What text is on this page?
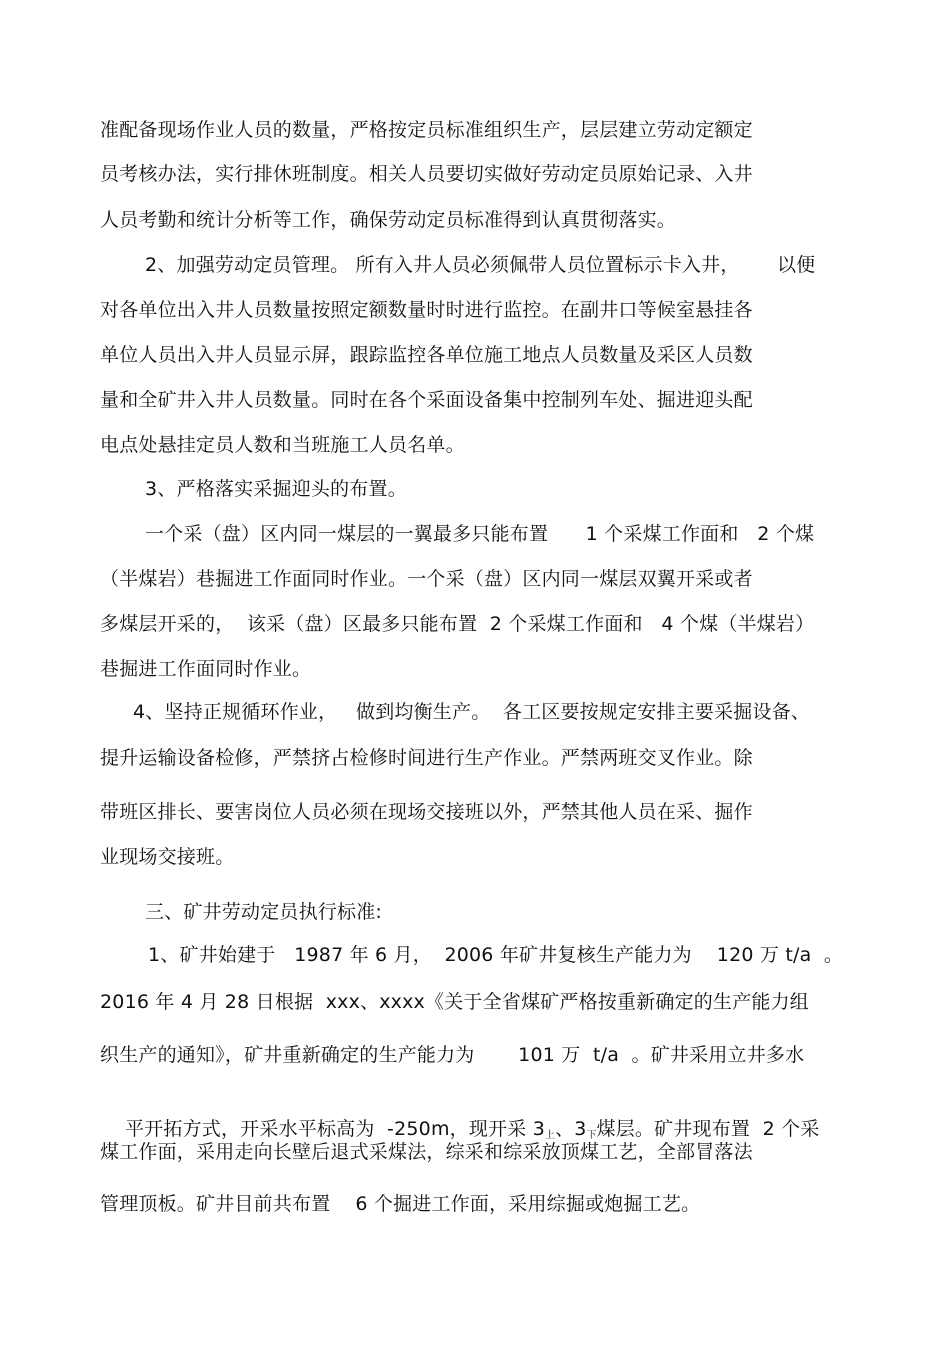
准配备现场作业人员的数量，严格按定员标准组织生产，层层建立劳动定额定
员考核办法，实行排休班制度。相关人员要切实做好劳动定员原始记录、入井
人员考勤和统计分析等工作，确保劳动定员标准得到认真贯彻落实。
2、加强劳动定员管理。 所有入井人员必须佩带人员位置标示卡入井，      以便
对各单位出入井人员数量按照定额数量时时进行监控。在副井口等候室悬挂各
单位人员出入井人员显示屏，跟踪监控各单位施工地点人员数量及采区人员数
量和全矿井入井人员数量。同时在各个采面设备集中控制列车处、掘进迎头配
电点处悬挂定员人数和当班施工人员名单。
3、严格落实采掘迎头的布置。
一个采（盘）区内同一煤层的一翼最多只能布置      1 个采煤工作面和   2 个煤
（半煤岩）巷掘进工作面同时作业。一个采（盘）区内同一煤层双翼开采或者
多煤层开采的，  该采（盘）区最多只能布置  2 个采煤工作面和   4 个煤（半煤岩）
巷掘进工作面同时作业。
4、坚持正规循环作业，   做到均衡生产。  各工区要按规定安排主要采掘设备、
提升运输设备检修，严禁挤占检修时间进行生产作业。严禁两班交叉作业。除
带班区排长、要害岗位人员必须在现场交接班以外，严禁其他人员在采、掘作
业现场交接班。
三、矿井劳动定员执行标准:
1、矿井始建于   1987 年 6 月，  2006 年矿井复核生产能力为    120 万 t/a  。
2016 年 4 月 28 日根据  xxx、xxxx《关于全省煤矿严格按重新确定的生产能力组
织生产的通知》，矿井重新确定的生产能力为       101 万  t/a  。矿井采用立井多水

平开拓方式，开采水平标高为  -250m，现开采 $3_上$、$3_下$煤层。矿井现布置  2 个采

煤工作面，采用走向长壁后退式采煤法，综采和综采放顶煤工艺，全部冒落法
管理顶板。矿井目前共布置    6 个掘进工作面，采用综掘或炮掘工艺。
